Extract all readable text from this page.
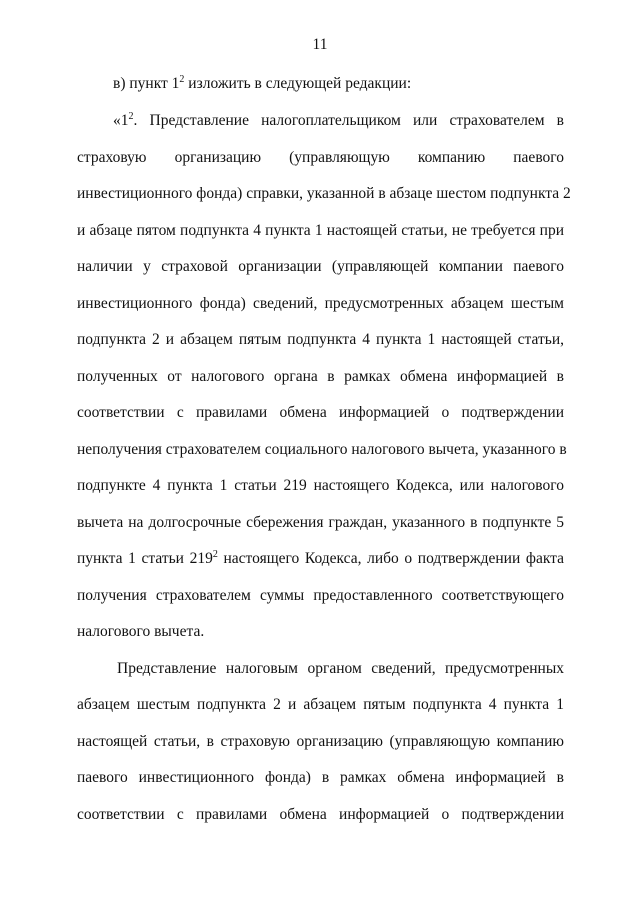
11
в) пункт $1^2$ изложить в следующей редакции:
«$1^2$. Представление налогоплательщиком или страхователем в
страховую организацию (управляющую компанию паевого
инвестиционного фонда) справки, указанной в абзаце шестом подпункта 2
и абзаце пятом подпункта 4 пункта 1 настоящей статьи, не требуется при
наличии у страховой организации (управляющей компании паевого
инвестиционного фонда) сведений, предусмотренных абзацем шестым
подпункта 2 и абзацем пятым подпункта 4 пункта 1 настоящей статьи,
полученных от налогового органа в рамках обмена информацией в
соответствии с правилами обмена информацией о подтверждении
неполучения страхователем социального налогового вычета, указанного в
подпункте 4 пункта 1 статьи 219 настоящего Кодекса, или налогового
вычета на долгосрочные сбережения граждан, указанного в подпункте 5
пункта 1 статьи $219^2$ настоящего Кодекса, либо о подтверждении факта
получения страхователем суммы предоставленного соответствующего
налогового вычета.
Представление налоговым органом сведений, предусмотренных
абзацем шестым подпункта 2 и абзацем пятым подпункта 4 пункта 1
настоящей статьи, в страховую организацию (управляющую компанию
паевого инвестиционного фонда) в рамках обмена информацией в
соответствии с правилами обмена информацией о подтверждении
